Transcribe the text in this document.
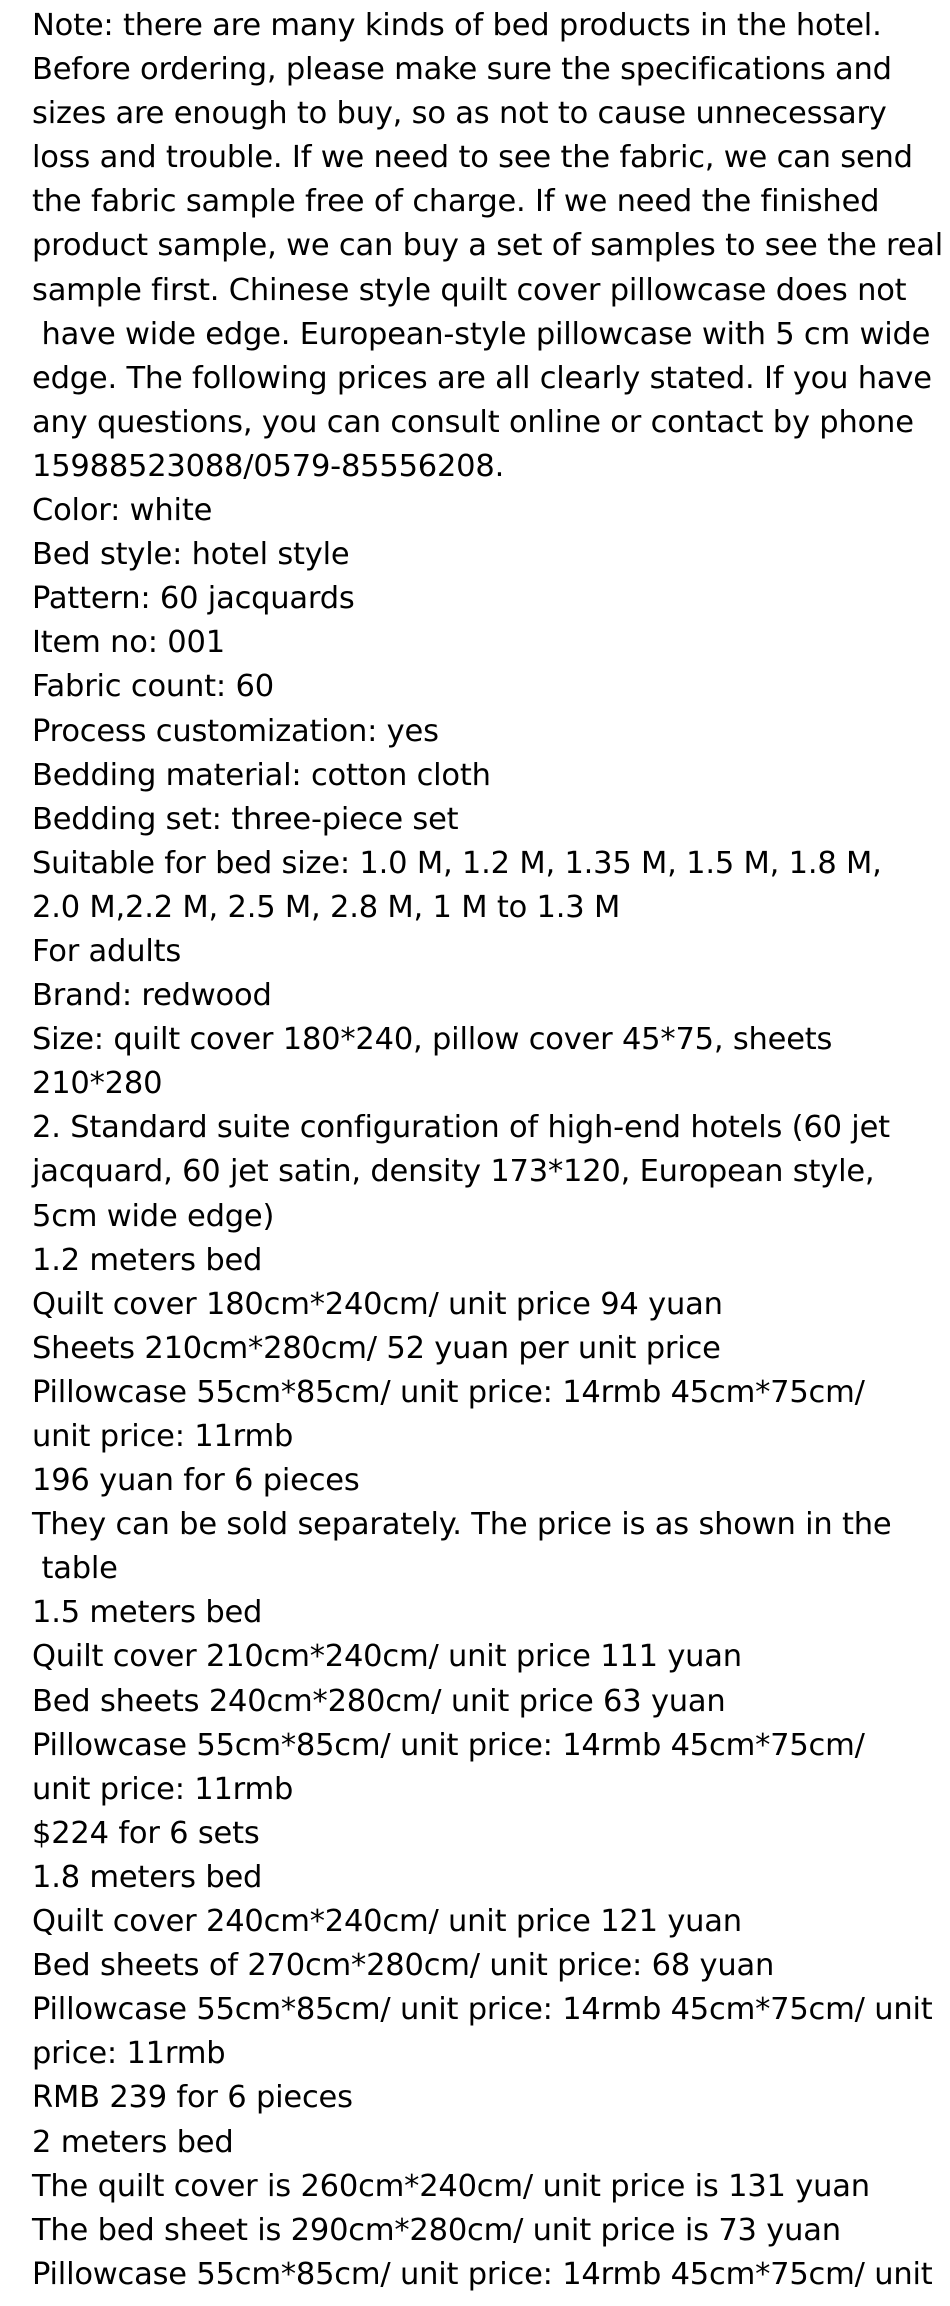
Note: there are many kinds of bed products in the hotel.
Before ordering, please make sure the specifications and
sizes are enough to buy, so as not to cause unnecessary
loss and trouble. If we need to see the fabric, we can send
the fabric sample free of charge. If we need the finished
product sample, we can buy a set of samples to see the real
sample first. Chinese style quilt cover pillowcase does not
have wide edge. European-style pillowcase with 5 cm wide
edge. The following prices are all clearly stated. If you have
any questions, you can consult online or contact by phone
15988523088/0579-85556208.
Color: white
Bed style: hotel style
Pattern: 60 jacquards
Item no: 001
Fabric count: 60
Process customization: yes
Bedding material: cotton cloth
Bedding set: three-piece set
Suitable for bed size: 1.0 M, 1.2 M, 1.35 M, 1.5 M, 1.8 M,
2.0 M,2.2 M, 2.5 M, 2.8 M, 1 M to 1.3 M
For adults
Brand: redwood
Size: quilt cover 180*240, pillow cover 45*75, sheets
210*280
2. Standard suite configuration of high-end hotels (60 jet
jacquard, 60 jet satin, density 173*120, European style,
5cm wide edge)
1.2 meters bed
Quilt cover 180cm*240cm/ unit price 94 yuan
Sheets 210cm*280cm/ 52 yuan per unit price
Pillowcase 55cm*85cm/ unit price: 14rmb 45cm*75cm/
unit price: 11rmb
196 yuan for 6 pieces
They can be sold separately. The price is as shown in the
table
1.5 meters bed
Quilt cover 210cm*240cm/ unit price 111 yuan
Bed sheets 240cm*280cm/ unit price 63 yuan
Pillowcase 55cm*85cm/ unit price: 14rmb 45cm*75cm/
unit price: 11rmb
$224 for 6 sets
1.8 meters bed
Quilt cover 240cm*240cm/ unit price 121 yuan
Bed sheets of 270cm*280cm/ unit price: 68 yuan
Pillowcase 55cm*85cm/ unit price: 14rmb 45cm*75cm/ unit
price: 11rmb
RMB 239 for 6 pieces
2 meters bed
The quilt cover is 260cm*240cm/ unit price is 131 yuan
The bed sheet is 290cm*280cm/ unit price is 73 yuan
Pillowcase 55cm*85cm/ unit price: 14rmb 45cm*75cm/ unit
